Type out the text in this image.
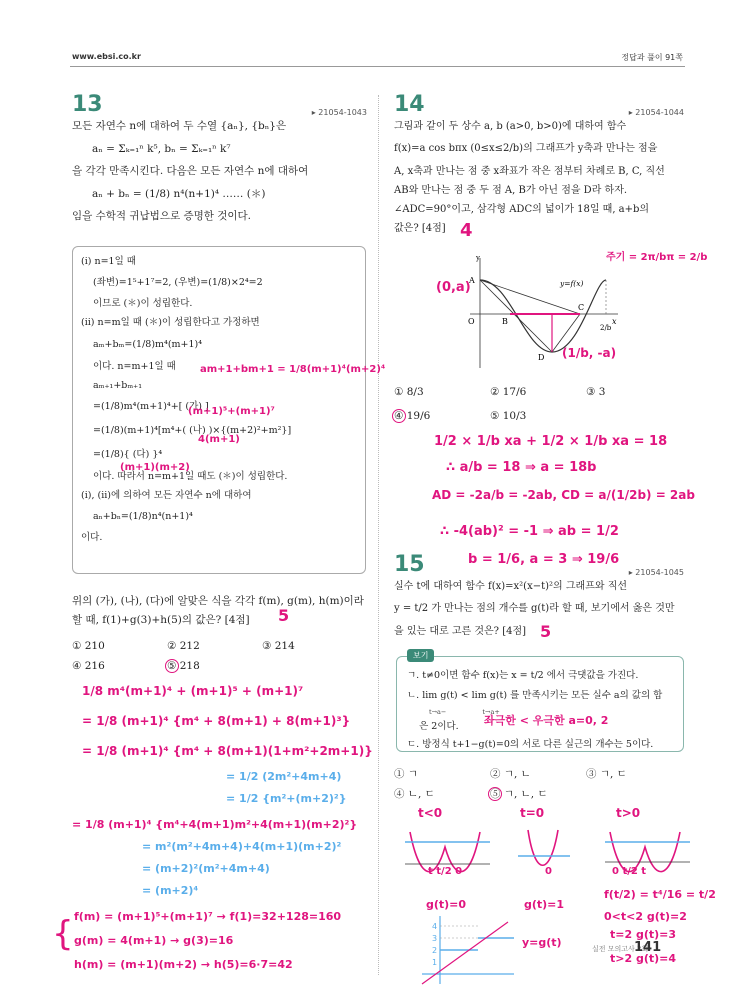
www.ebsi.co.kr	정답과 풀이 91쪽
13	▸ 21054-1043
모든 자연수 n에 대하여 두 수열 {aₙ}, {bₙ}은
aₙ = Σₖ₌₁ⁿ k⁵, bₙ = Σₖ₌₁ⁿ k⁷
을 각각 만족시킨다. 다음은 모든 자연수 n에 대하여
aₙ + bₙ = (1/8) n⁴(n+1)⁴ …… (＊)
임을 수학적 귀납법으로 증명한 것이다.
(ⅰ) n=1일 때
(좌변)=1⁵+1⁷=2, (우변)=(1/8)×2⁴=2
이므로 (＊)이 성립한다.
(ⅱ) n=m일 때 (＊)이 성립한다고 가정하면
aₘ+bₘ=(1/8)m⁴(m+1)⁴
이다. n=m+1일 때
aₘ₊₁+bₘ₊₁
=(1/8)m⁴(m+1)⁴+[ (가) ]
=(1/8)(m+1)⁴[m⁴+( (나) )×{(m+2)²+m²}]
=(1/8){ (다) }⁴
이다. 따라서 n=m+1일 때도 (＊)이 성립한다.
(ⅰ), (ⅱ)에 의하여 모든 자연수 n에 대하여
aₙ+bₙ=(1/8)n⁴(n+1)⁴
이다.
am+1+bm+1 = 1/8(m+1)⁴(m+2)⁴
(m+1)⁵+(m+1)⁷
4(m+1)
(m+1)(m+2)
위의 (가), (나), (다)에 알맞은 식을 각각 f(m), g(m), h(m)이라 할 때, f(1)+g(3)+h(5)의 값은? [4점]	5
① 210	② 212	③ 214
④ 216	⑤ 218
1/8 m⁴(m+1)⁴ + (m+1)⁵ + (m+1)⁷
= 1/8 (m+1)⁴ {m⁴ + 8(m+1) + 8(m+1)³}
= 1/8 (m+1)⁴ {m⁴ + 8(m+1)(1+m²+2m+1)}
= 1/2 (2m²+4m+4)
= 1/2 {m²+(m+2)²}
= 1/8 (m+1)⁴ {m⁴+4(m+1)m²+4(m+1)(m+2)²}
= m²(m²+4m+4)+4(m+1)(m+2)²
= (m+2)²(m²+4m+4)
= (m+2)⁴
{ f(m) = (m+1)⁵+(m+1)⁷ → f(1)=32+128=160
g(m) = 4(m+1) → g(3)=16
h(m) = (m+1)(m+2) → h(5)=6·7=42
14	▸ 21054-1044
그림과 같이 두 상수 a, b (a>0, b>0)에 대하여 함수
f(x)=a cos bπx (0≤x≤2/b)의 그래프가 y축과 만나는 점을
A, x축과 만나는 점 중 x좌표가 작은 점부터 차례로 B, C, 직선
AB와 만나는 점 중 두 점 A, B가 아닌 점을 D라 하자.
∠ADC=90°이고, 삼각형 ADC의 넓이가 18일 때, a+b의
값은? [4점] 4
주기 = 2π/bπ = 2/b
y
x
O
A
B
C
D
y=f(x)
2/b
(0,a)
(1/b, -a)
① 8/3	② 17/6	③ 3
④ 19/6	⑤ 10/3
1/2 × 1/b xa + 1/2 × 1/b xa = 18
∴ a/b = 18 ⇒ a = 18b
AD = -2a/b = -2ab, CD = a/(1/2b) = 2ab
∴ -4(ab)² = -1 ⇒ ab = 1/2
b = 1/6, a = 3 ⇒ 19/6
15	▸ 21054-1045
실수 t에 대하여 함수 f(x)=x²(x−t)²의 그래프와 직선
y = t/2 가 만나는 점의 개수를 g(t)라 할 때, 보기에서 옳은 것만
을 있는 대로 고른 것은? [4점] 5
보기
ㄱ. t≠0이면 함수 f(x)는 x = t/2 에서 극댓값을 가진다.
ㄴ. lim g(t) < lim g(t) 를 만족시키는 모든 실수 a의 값의 합
t→a−	t→a+
은 2이다.
ㄷ. 방정식 t+1−g(t)=0의 서로 다른 실근의 개수는 5이다.
좌극한 < 우극한 a=0, 2
① ㄱ	② ㄱ, ㄴ	③ ㄱ, ㄷ
④ ㄴ, ㄷ	⑤ ㄱ, ㄴ, ㄷ
t<0	t=0	t>0
t t/2 0	0	0 t/2 t
g(t)=0	g(t)=1
y=g(t)
f(t/2) = t⁴/16 = t/2
0<t<2 g(t)=2
t=2 g(t)=3
t>2 g(t)=4
4
3
2
1
실전 모의고사 2회
141
